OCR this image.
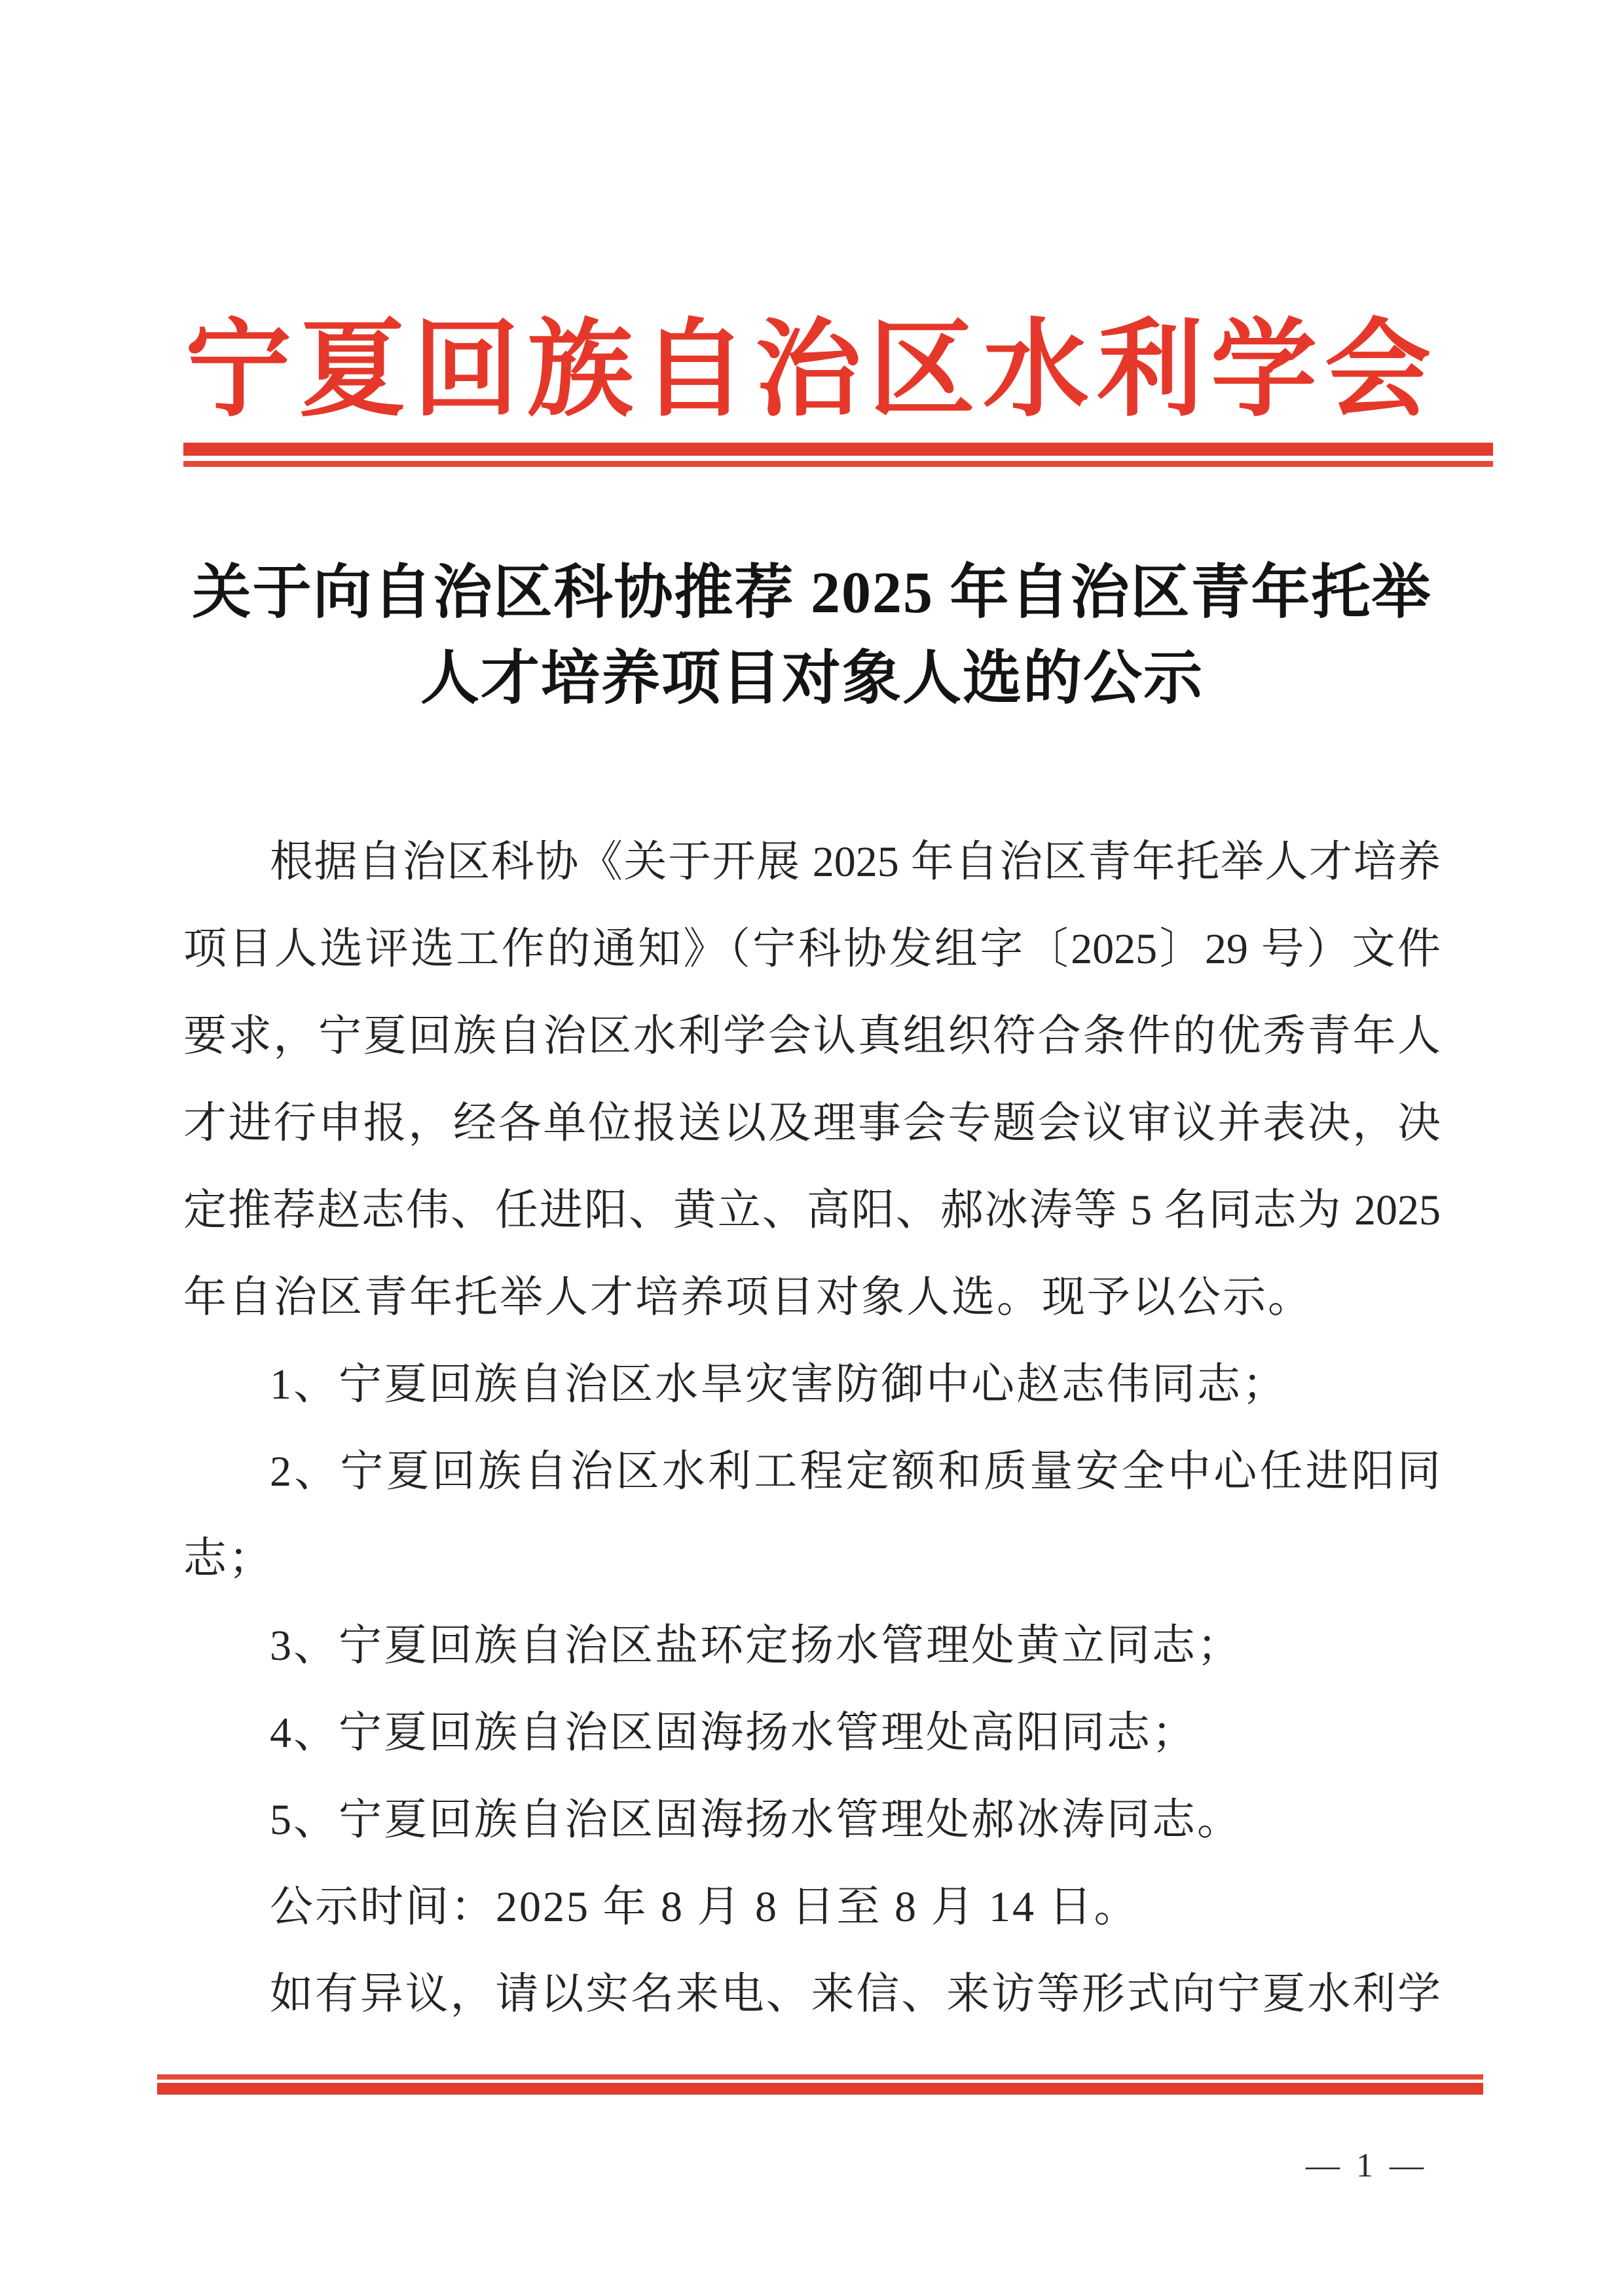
宁夏回族自治区水利学会
关于向自治区科协推荐 2025 年自治区青年托举
人才培养项目对象人选的公示
根据自治区科协《关于开展 2025 年自治区青年托举人才培养
项目人选评选工作的通知》（宁科协发组字〔2025〕29 号）文件
要求，宁夏回族自治区水利学会认真组织符合条件的优秀青年人
才进行申报，经各单位报送以及理事会专题会议审议并表决，决
定推荐赵志伟、任进阳、黄立、高阳、郝冰涛等 5 名同志为 2025
年自治区青年托举人才培养项目对象人选。现予以公示。
1、宁夏回族自治区水旱灾害防御中心赵志伟同志；
2、宁夏回族自治区水利工程定额和质量安全中心任进阳同
志；
3、宁夏回族自治区盐环定扬水管理处黄立同志；
4、宁夏回族自治区固海扬水管理处高阳同志；
5、宁夏回族自治区固海扬水管理处郝冰涛同志。
公示时间：2025 年 8 月 8 日至 8 月 14 日。
如有异议，请以实名来电、来信、来访等形式向宁夏水利学
— 1 —
